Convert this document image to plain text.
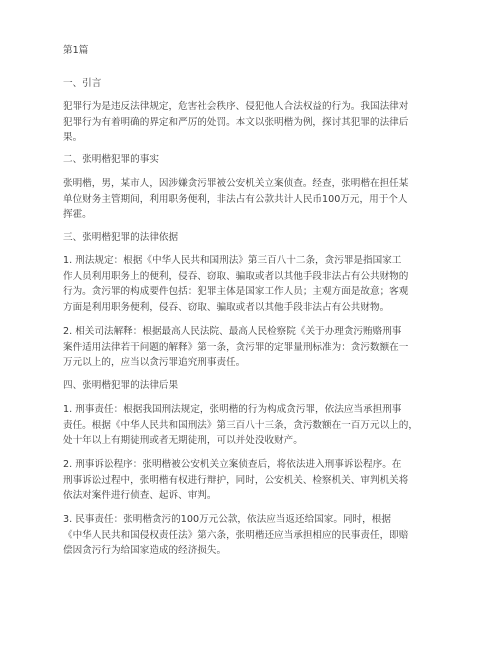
第1篇
一、引言
犯罪行为是违反法律规定，危害社会秩序、侵犯他人合法权益的行为。我国法律对
犯罪行为有着明确的界定和严厉的处罚。本文以张明楷为例，探讨其犯罪的法律后
果。
二、张明楷犯罪的事实
张明楷，男，某市人，因涉嫌贪污罪被公安机关立案侦查。经查，张明楷在担任某
单位财务主管期间，利用职务便利，非法占有公款共计人民币100万元，用于个人
挥霍。
三、张明楷犯罪的法律依据
1. 刑法规定：根据《中华人民共和国刑法》第三百八十二条，贪污罪是指国家工
作人员利用职务上的便利，侵吞、窃取、骗取或者以其他手段非法占有公共财物的
行为。贪污罪的构成要件包括：犯罪主体是国家工作人员；主观方面是故意；客观
方面是利用职务便利，侵吞、窃取、骗取或者以其他手段非法占有公共财物。
2. 相关司法解释：根据最高人民法院、最高人民检察院《关于办理贪污贿赂刑事
案件适用法律若干问题的解释》第一条，贪污罪的定罪量刑标准为：贪污数额在一
万元以上的，应当以贪污罪追究刑事责任。
四、张明楷犯罪的法律后果
1. 刑事责任：根据我国刑法规定，张明楷的行为构成贪污罪，依法应当承担刑事
责任。根据《中华人民共和国刑法》第三百八十三条，贪污数额在一百万元以上的，
处十年以上有期徒刑或者无期徒刑，可以并处没收财产。
2. 刑事诉讼程序：张明楷被公安机关立案侦查后，将依法进入刑事诉讼程序。在
刑事诉讼过程中，张明楷有权进行辩护，同时，公安机关、检察机关、审判机关将
依法对案件进行侦查、起诉、审判。
3. 民事责任：张明楷贪污的100万元公款，依法应当返还给国家。同时，根据
《中华人民共和国侵权责任法》第六条，张明楷还应当承担相应的民事责任，即赔
偿因贪污行为给国家造成的经济损失。
